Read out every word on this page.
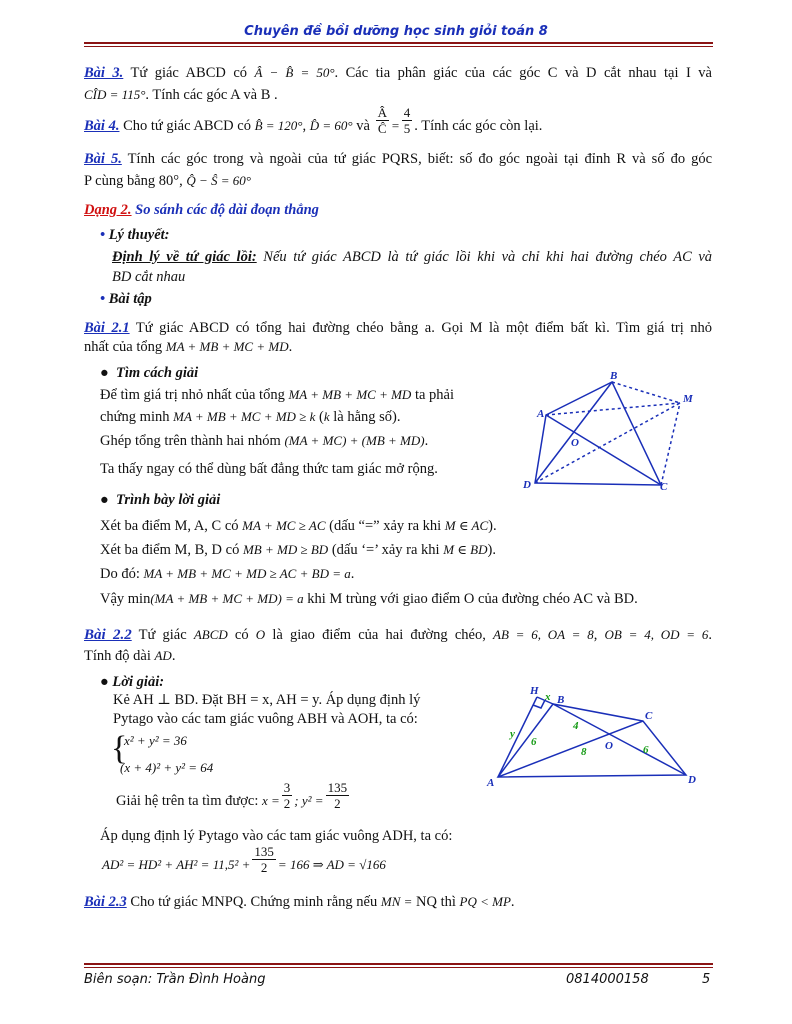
Chuyên đề bồi dưỡng học sinh giỏi toán 8
Bài 3. Tứ giác ABCD có Â − B̂ = 50°. Các tia phân giác của các góc C và D cắt nhau tại I và
CÎD = 115°. Tính các góc A và B .
Bài 4. Cho tứ giác ABCD có B̂ = 120°, D̂ = 60° và $\frac{Â}{Ĉ} = \frac{4}{5}$ . Tính các góc còn lại.
Bài 5. Tính các góc trong và ngoài của tứ giác PQRS, biết: số đo góc ngoài tại đỉnh R và số đo góc
P cùng bằng 80°, Q̂ − Ŝ = 60°
Dạng 2. So sánh các độ dài đoạn thẳng
• Lý thuyết:
Định lý về tứ giác lồi: Nếu tứ giác ABCD là tứ giác lồi khi và chỉ khi hai đường chéo AC và
BD cắt nhau
• Bài tập
Bài 2.1 Tứ giác ABCD có tổng hai đường chéo bằng a. Gọi M là một điểm bất kì. Tìm giá trị nhỏ
nhất của tổng MA + MB + MC + MD.
●  Tìm cách giải
Để tìm giá trị nhỏ nhất của tổng MA + MB + MC + MD ta phải
chứng minh MA + MB + MC + MD ≥ k (k là hằng số).
Ghép tổng trên thành hai nhóm (MA + MC) + (MB + MD).
Ta thấy ngay có thể dùng bất đẳng thức tam giác mở rộng.
B
M
A
O
D	C
●  Trình bày lời giải
Xét ba điểm M, A, C có MA + MC ≥ AC (dấu “=” xảy ra khi M ∈ AC).
Xét ba điểm M, B, D có MB + MD ≥ BD (dấu ‘=’ xảy ra khi M ∈ BD).
Do đó: MA + MB + MC + MD ≥ AC + BD = a.
Vậy min(MA + MB + MC + MD) = a khi M trùng với giao điểm O của đường chéo AC và BD.
Bài 2.2 Tứ giác ABCD có O là giao điểm của hai đường chéo, AB = 6, OA = 8, OB = 4, OD = 6.
Tính độ dài AD.
● Lời giải:
Kẻ AH ⊥ BD. Đặt BH = x, AH = y. Áp dụng định lý
Pytago vào các tam giác vuông ABH và AOH, ta có:
{
x² + y² = 36
(x + 4)² + y² = 64
Giải hệ trên ta tìm được: $x = \frac{3}{2}$ ; $y^2 = \frac{135}{2}$
Áp dụng định lý Pytago vào các tam giác vuông ADH, ta có:
$AD^2 = HD^2 + AH^2 = 11,5^2 + \frac{135}{2} = 166$ ⇒ AD = √166
H
B
C
O
A	D
x
y
6
4
8	6
Bài 2.3 Cho tứ giác MNPQ. Chứng minh rằng nếu MN = NQ thì PQ < MP.
Biên soạn: Trần Đình Hoàng	0814000158	5
